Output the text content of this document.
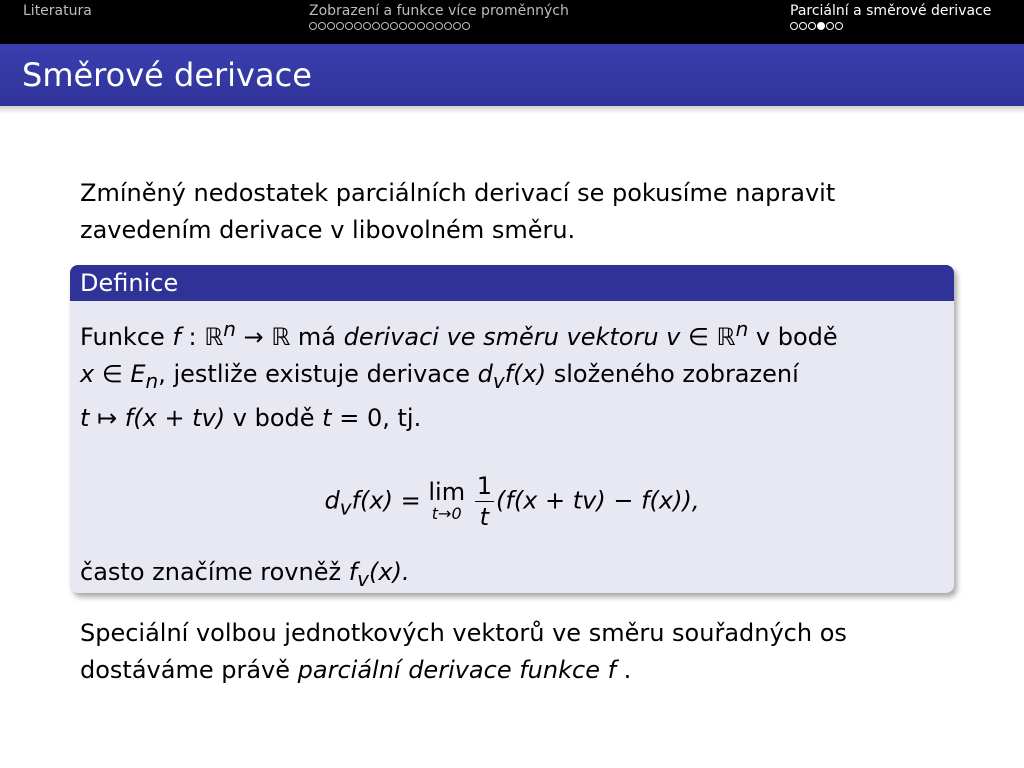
Literatura	Zobrazení a funkce více proměnných	Parciální a směrové derivace
Směrové derivace
Zmíněný nedostatek parciálních derivací se pokusíme napravit
zavedením derivace v libovolném směru.
Definice
Funkce f : ℝ$^n$ → ℝ má derivaci ve směru vektoru v ∈ ℝ$^n$ v bodě
x ∈ $E_n$, jestliže existuje derivace $d_vf(x)$ složeného zobrazení
t ↦ f(x + tv) v bodě t = 0, tj.
$d_vf(x) = \lim$
t→0
$\frac{1}{t} (f(x + tv) - f(x))$,
často značíme rovněž $f_v(x)$.
Speciální volbou jednotkových vektorů ve směru souřadných os
dostáváme právě parciální derivace funkce f .
